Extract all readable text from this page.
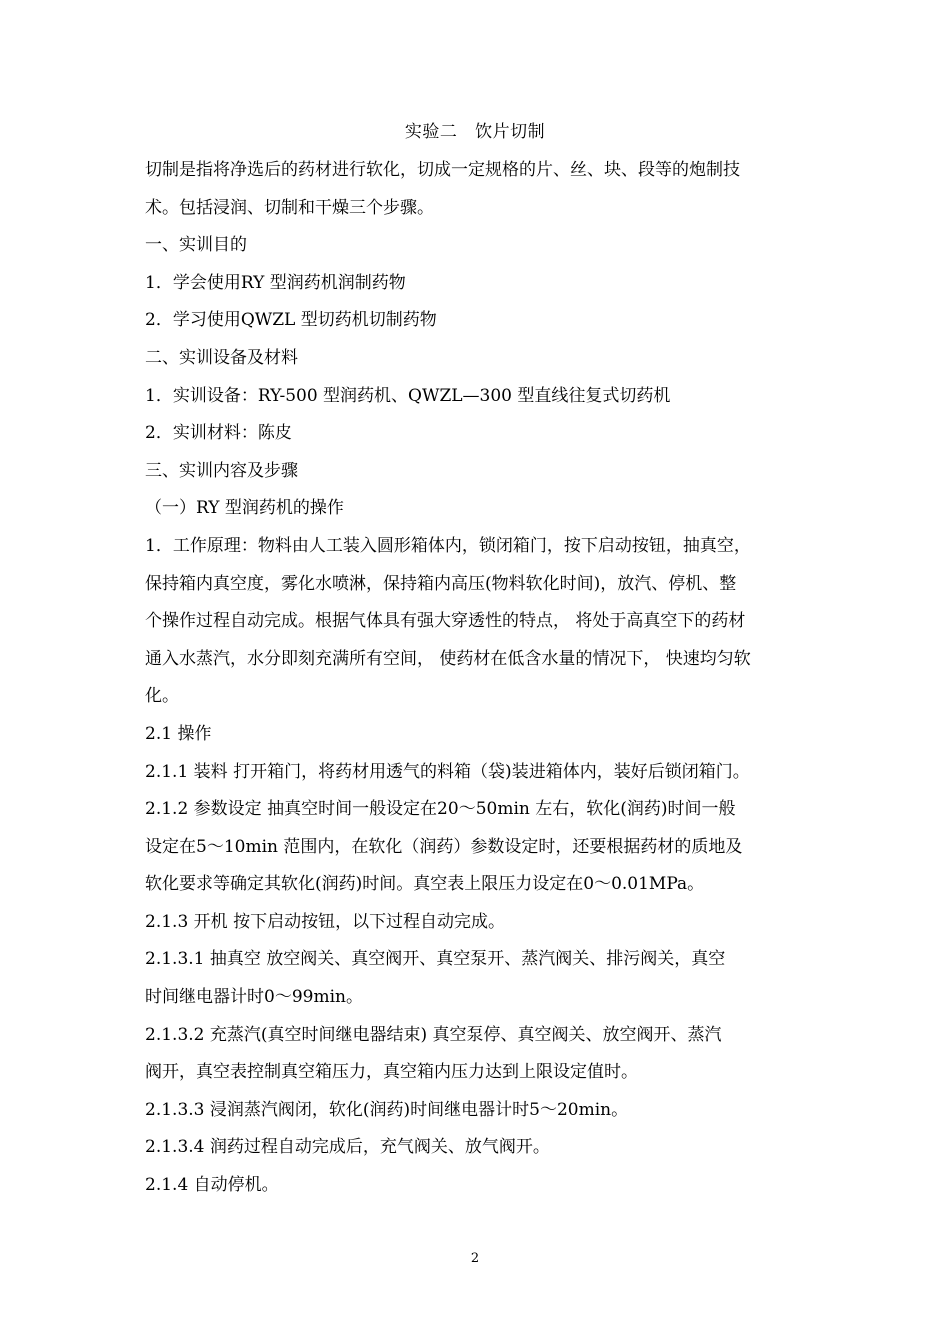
实验二   饮片切制
切制是指将净选后的药材进行软化，切成一定规格的片、丝、块、段等的炮制技
术。包括浸润、切制和干燥三个步骤。
一、实训目的
1．学会使用RY 型润药机润制药物
2．学习使用QWZL 型切药机切制药物
二、实训设备及材料
1．实训设备：RY-500 型润药机、QWZL—300 型直线往复式切药机
2．实训材料：陈皮
三、实训内容及步骤
（一）RY 型润药机的操作
1．工作原理：物料由人工装入圆形箱体内，锁闭箱门，按下启动按钮，抽真空，
保持箱内真空度，雾化水喷淋，保持箱内高压(物料软化时间)，放汽、停机、整
个操作过程自动完成。根据气体具有强大穿透性的特点， 将处于高真空下的药材
通入水蒸汽，水分即刻充满所有空间， 使药材在低含水量的情况下， 快速均匀软
化。
2.1 操作
2.1.1 装料 打开箱门，将药材用透气的料箱（袋)装进箱体内，装好后锁闭箱门。
2.1.2 参数设定 抽真空时间一般设定在20～50min 左右，软化(润药)时间一般
设定在5～10min 范围内，在软化（润药）参数设定时，还要根据药材的质地及
软化要求等确定其软化(润药)时间。真空表上限压力设定在0～0.01MPa。
2.1.3 开机 按下启动按钮，以下过程自动完成。
2.1.3.1 抽真空 放空阀关、真空阀开、真空泵开、蒸汽阀关、排污阀关，真空
时间继电器计时0～99min。
2.1.3.2 充蒸汽(真空时间继电器结束) 真空泵停、真空阀关、放空阀开、蒸汽
阀开，真空表控制真空箱压力，真空箱内压力达到上限设定值时。
2.1.3.3 浸润蒸汽阀闭，软化(润药)时间继电器计时5～20min。
2.1.3.4 润药过程自动完成后，充气阀关、放气阀开。
2.1.4 自动停机。
2
